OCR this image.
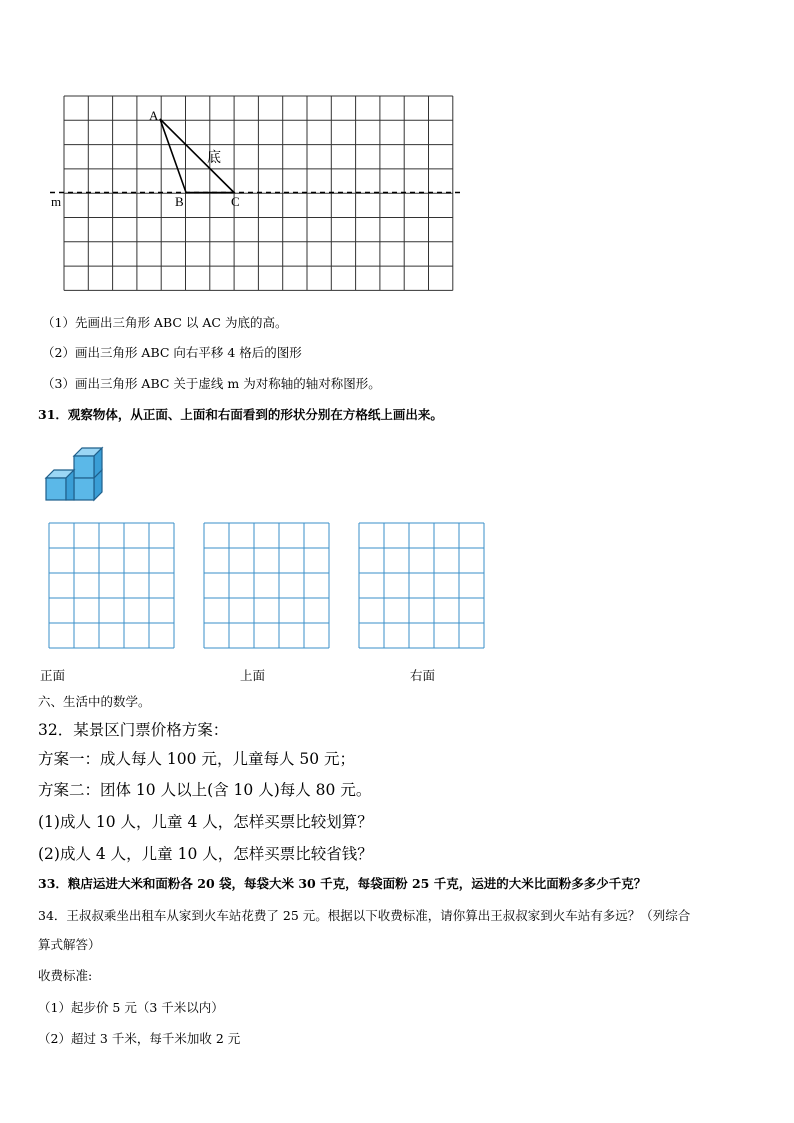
A
B	C
底
m
（1）先画出三角形 ABC 以 AC 为底的高。
（2）画出三角形 ABC 向右平移 4 格后的图形
（3）画出三角形 ABC 关于虚线 m 为对称轴的轴对称图形。
31．观察物体，从正面、上面和右面看到的形状分别在方格纸上画出来。
正面	上面	右面
六、生活中的数学。
32．某景区门票价格方案：
方案一：成人每人 100 元，儿童每人 50 元；
方案二：团体 10 人以上(含 10 人)每人 80 元。
(1)成人 10 人，儿童 4 人，怎样买票比较划算？
(2)成人 4 人，儿童 10 人，怎样买票比较省钱？
33．粮店运进大米和面粉各 20 袋，每袋大米 30 千克，每袋面粉 25 千克，运进的大米比面粉多多少千克？
34．王叔叔乘坐出租车从家到火车站花费了 25 元。根据以下收费标准，请你算出王叔叔家到火车站有多远？（列综合
算式解答）
收费标准:
（1）起步价 5 元（3 千米以内）
（2）超过 3 千米，每千米加收 2 元
